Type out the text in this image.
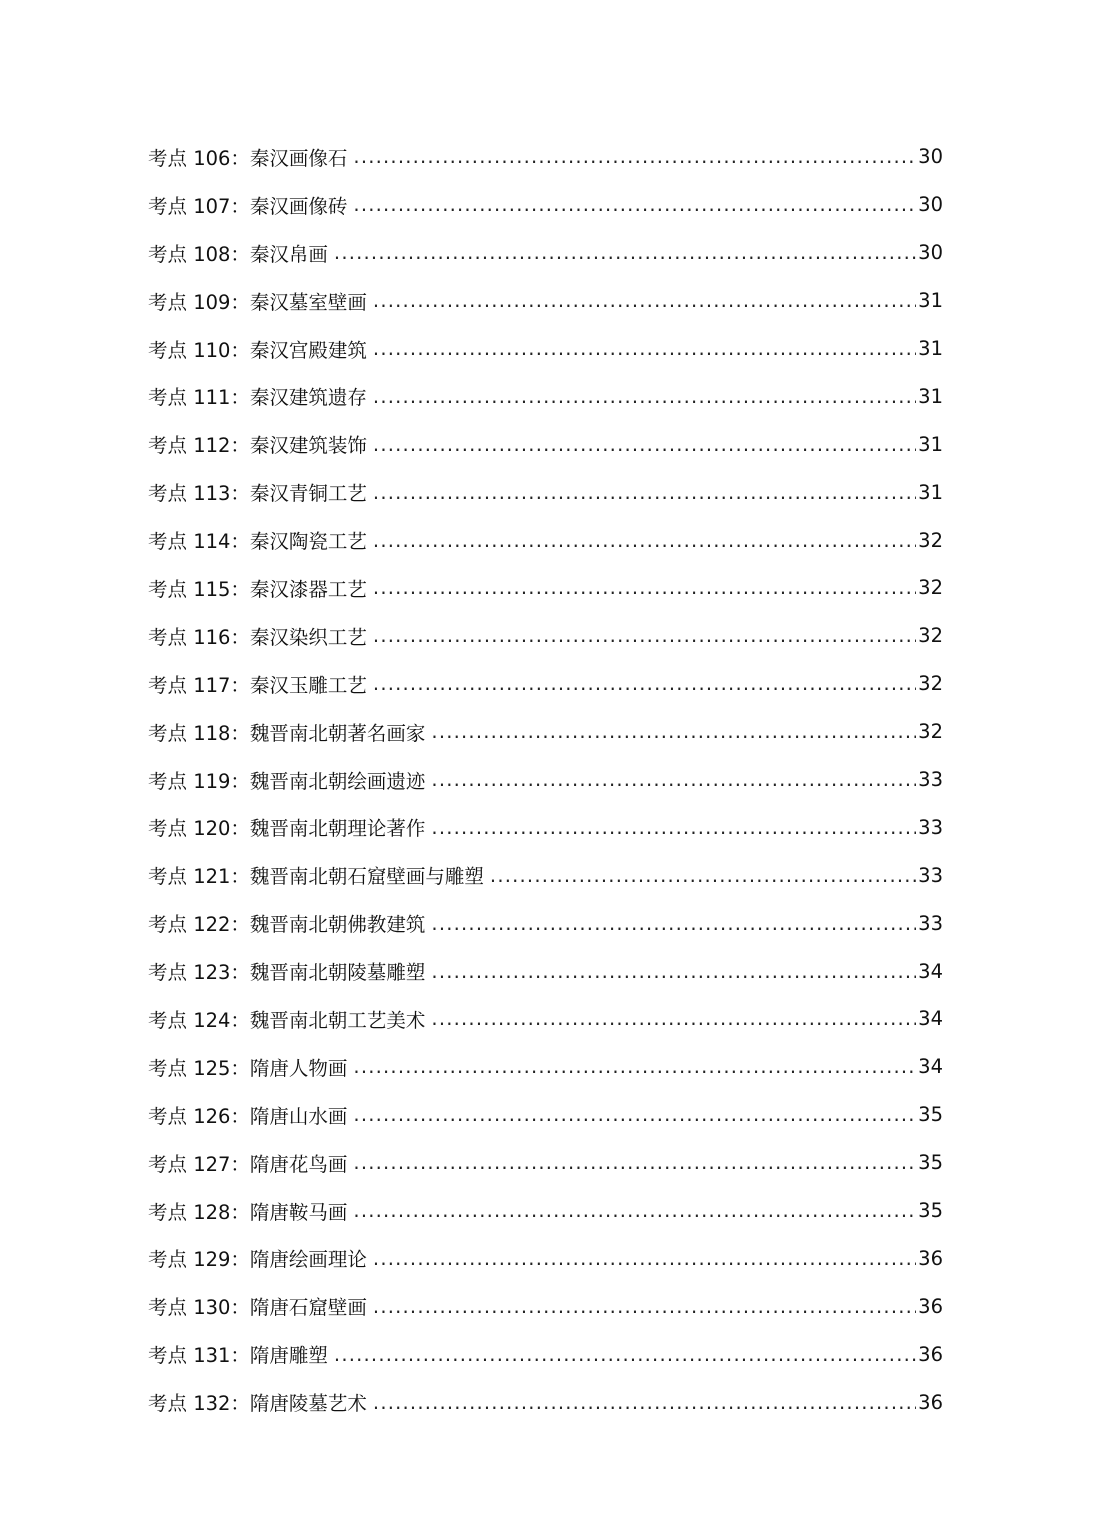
考点 106：秦汉画像石 .....	30
考点 107：秦汉画像砖 .....	30
考点 108：秦汉帛画 .....	30
考点 109：秦汉墓室壁画 .....	31
考点 110：秦汉宫殿建筑 .....	31
考点 111：秦汉建筑遗存 .....	31
考点 112：秦汉建筑装饰 .....	31
考点 113：秦汉青铜工艺 .....	31
考点 114：秦汉陶瓷工艺 .....	32
考点 115：秦汉漆器工艺 .....	32
考点 116：秦汉染织工艺 .....	32
考点 117：秦汉玉雕工艺 .....	32
考点 118：魏晋南北朝著名画家 .....	32
考点 119：魏晋南北朝绘画遗迹 .....	33
考点 120：魏晋南北朝理论著作 .....	33
考点 121：魏晋南北朝石窟壁画与雕塑 .....	33
考点 122：魏晋南北朝佛教建筑 .....	33
考点 123：魏晋南北朝陵墓雕塑 .....	34
考点 124：魏晋南北朝工艺美术 .....	34
考点 125：隋唐人物画 .....	34
考点 126：隋唐山水画 .....	35
考点 127：隋唐花鸟画 .....	35
考点 128：隋唐鞍马画 .....	35
考点 129：隋唐绘画理论 .....	36
考点 130：隋唐石窟壁画 .....	36
考点 131：隋唐雕塑 .....	36
考点 132：隋唐陵墓艺术 .....	36
